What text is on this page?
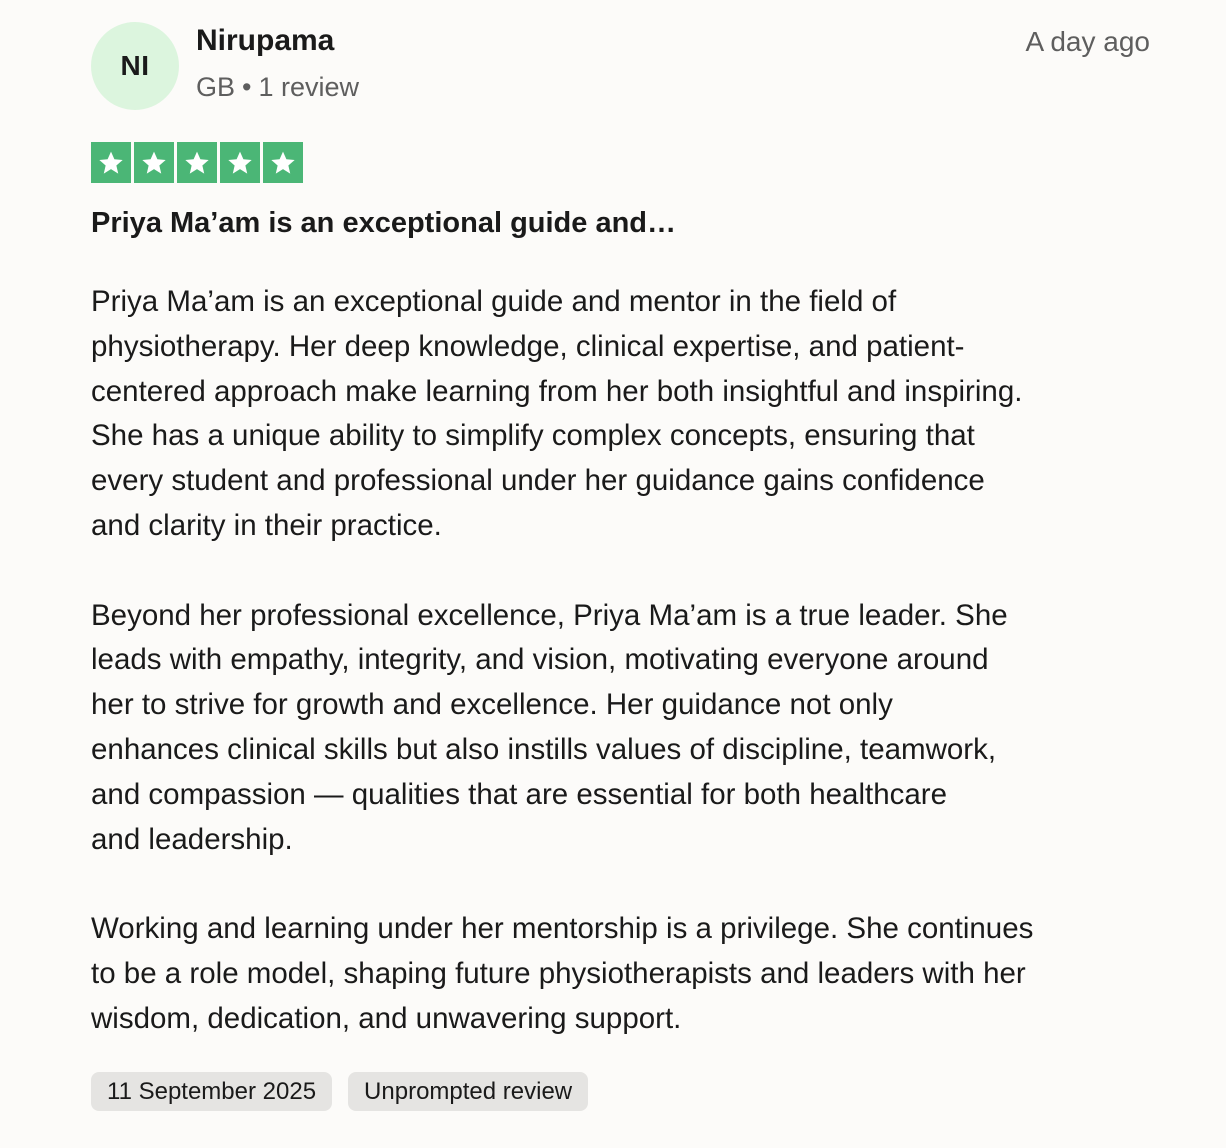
NI
Nirupama
GB • 1 review
A day ago
Priya Ma’am is an exceptional guide and…

Priya Ma’am is an exceptional guide and mentor in the field of
physiotherapy. Her deep knowledge, clinical expertise, and patient-
centered approach make learning from her both insightful and inspiring.
She has a unique ability to simplify complex concepts, ensuring that
every student and professional under her guidance gains confidence
and clarity in their practice.

Beyond her professional excellence, Priya Ma’am is a true leader. She
leads with empathy, integrity, and vision, motivating everyone around
her to strive for growth and excellence. Her guidance not only
enhances clinical skills but also instills values of discipline, teamwork,
and compassion — qualities that are essential for both healthcare
and leadership.

Working and learning under her mentorship is a privilege. She continues
to be a role model, shaping future physiotherapists and leaders with her
wisdom, dedication, and unwavering support.

11 September 2025	Unprompted review
